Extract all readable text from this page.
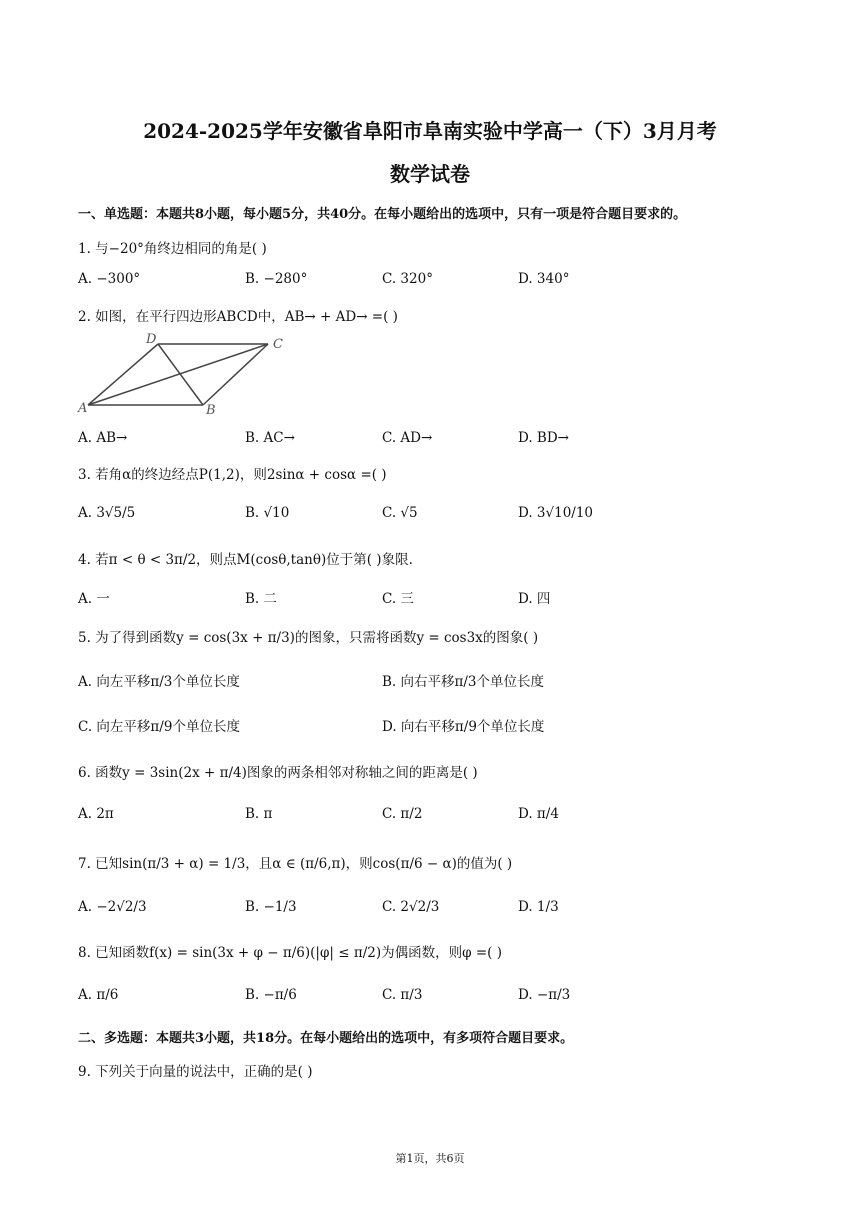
2024-2025学年安徽省阜阳市阜南实验中学高一（下）3月月考
数学试卷
一、单选题：本题共8小题，每小题5分，共40分。在每小题给出的选项中，只有一项是符合题目要求的。
1. 与−20°角终边相同的角是( )
A. −300°	B. −280°	C. 320°	D. 340°
2. 如图，在平行四边形ABCD中，AB→ + AD→ =( )
A	B
C
D
A. AB→	B. AC→	C. AD→	D. BD→
3. 若角α的终边经点P(1,2)，则2sinα + cosα =( )
A. 3√5/5	B. √10	C. √5	D. 3√10/10
4. 若π < θ < 3π/2，则点M(cosθ,tanθ)位于第( )象限.
A. 一	B. 二	C. 三	D. 四
5. 为了得到函数y = cos(3x + π/3)的图象，只需将函数y = cos3x的图象( )
A. 向左平移π/3个单位长度	B. 向右平移π/3个单位长度
C. 向左平移π/9个单位长度	D. 向右平移π/9个单位长度
6. 函数y = 3sin(2x + π/4)图象的两条相邻对称轴之间的距离是( )
A. 2π	B. π	C. π/2	D. π/4
7. 已知sin(π/3 + α) = 1/3，且α ∈ (π/6,π)，则cos(π/6 − α)的值为( )
A. −2√2/3	B. −1/3	C. 2√2/3	D. 1/3
8. 已知函数f(x) = sin(3x + φ − π/6)(|φ| ≤ π/2)为偶函数，则φ =( )
A. π/6	B. −π/6	C. π/3	D. −π/3
二、多选题：本题共3小题，共18分。在每小题给出的选项中，有多项符合题目要求。
9. 下列关于向量的说法中，正确的是( )
第1页，共6页
